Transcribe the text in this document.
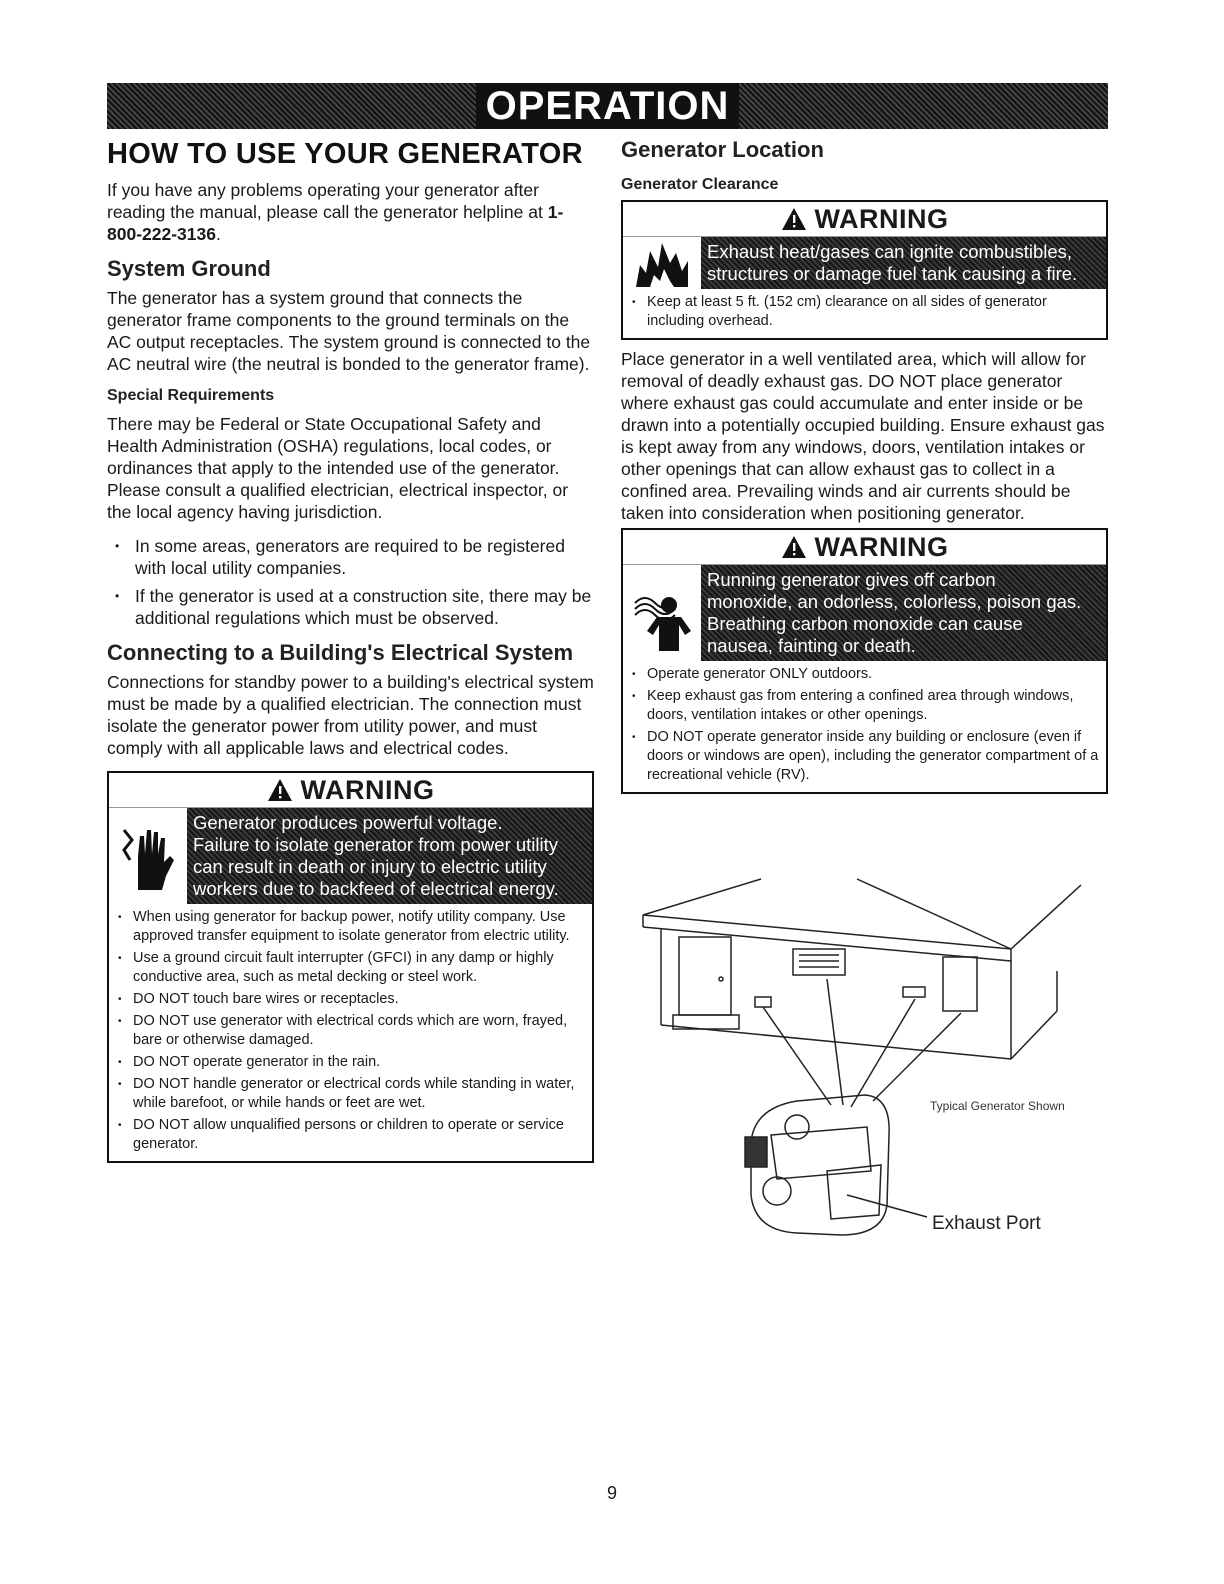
OPERATION
HOW TO USE YOUR GENERATOR

If you have any problems operating your generator after reading the manual, please call the generator helpline at 1-800-222-3136.

System Ground

The generator has a system ground that connects the generator frame components to the ground terminals on the AC output receptacles. The system ground is connected to the AC neutral wire (the neutral is bonded to the generator frame).

Special Requirements

There may be Federal or State Occupational Safety and Health Administration (OSHA) regulations, local codes, or ordinances that apply to the intended use of the generator. Please consult a qualified electrician, electrical inspector, or the local agency having jurisdiction.

• In some areas, generators are required to be registered with local utility companies.
• If the generator is used at a construction site, there may be additional regulations which must be observed.
Connecting to a Building's Electrical System

Connections for standby power to a building's electrical system must be made by a qualified electrician. The connection must isolate the generator power from utility power, and must comply with all applicable laws and electrical codes.

WARNING
Generator produces powerful voltage.
Failure to isolate generator from power utility
can result in death or injury to electric utility
workers due to backfeed of electrical energy.
• When using generator for backup power, notify utility company. Use approved transfer equipment to isolate generator from electric utility.
• Use a ground circuit fault interrupter (GFCI) in any damp or highly conductive area, such as metal decking or steel work.
• DO NOT touch bare wires or receptacles.
• DO NOT use generator with electrical cords which are worn, frayed, bare or otherwise damaged.
• DO NOT operate generator in the rain.
• DO NOT handle generator or electrical cords while standing in water, while barefoot, or while hands or feet are wet.
• DO NOT allow unqualified persons or children to operate or service generator.
Generator Location
Generator Clearance
WARNING
Exhaust heat/gases can ignite combustibles,
structures or damage fuel tank causing a fire.
• Keep at least 5 ft. (152 cm) clearance on all sides of generator including overhead.

Place generator in a well ventilated area, which will allow for removal of deadly exhaust gas. DO NOT place generator where exhaust gas could accumulate and enter inside or be drawn into a potentially occupied building. Ensure exhaust gas is kept away from any windows, doors, ventilation intakes or other openings that can allow exhaust gas to collect in a confined area. Prevailing winds and air currents should be taken into consideration when positioning generator.

WARNING
Running generator gives off carbon
monoxide, an odorless, colorless, poison gas.
Breathing carbon monoxide can cause
nausea, fainting or death.
• Operate generator ONLY outdoors.
• Keep exhaust gas from entering a confined area through windows, doors, ventilation intakes or other openings.
• DO NOT operate generator inside any building or enclosure (even if doors or windows are open), including the generator compartment of a recreational vehicle (RV).
Typical Generator Shown
Exhaust Port
9
